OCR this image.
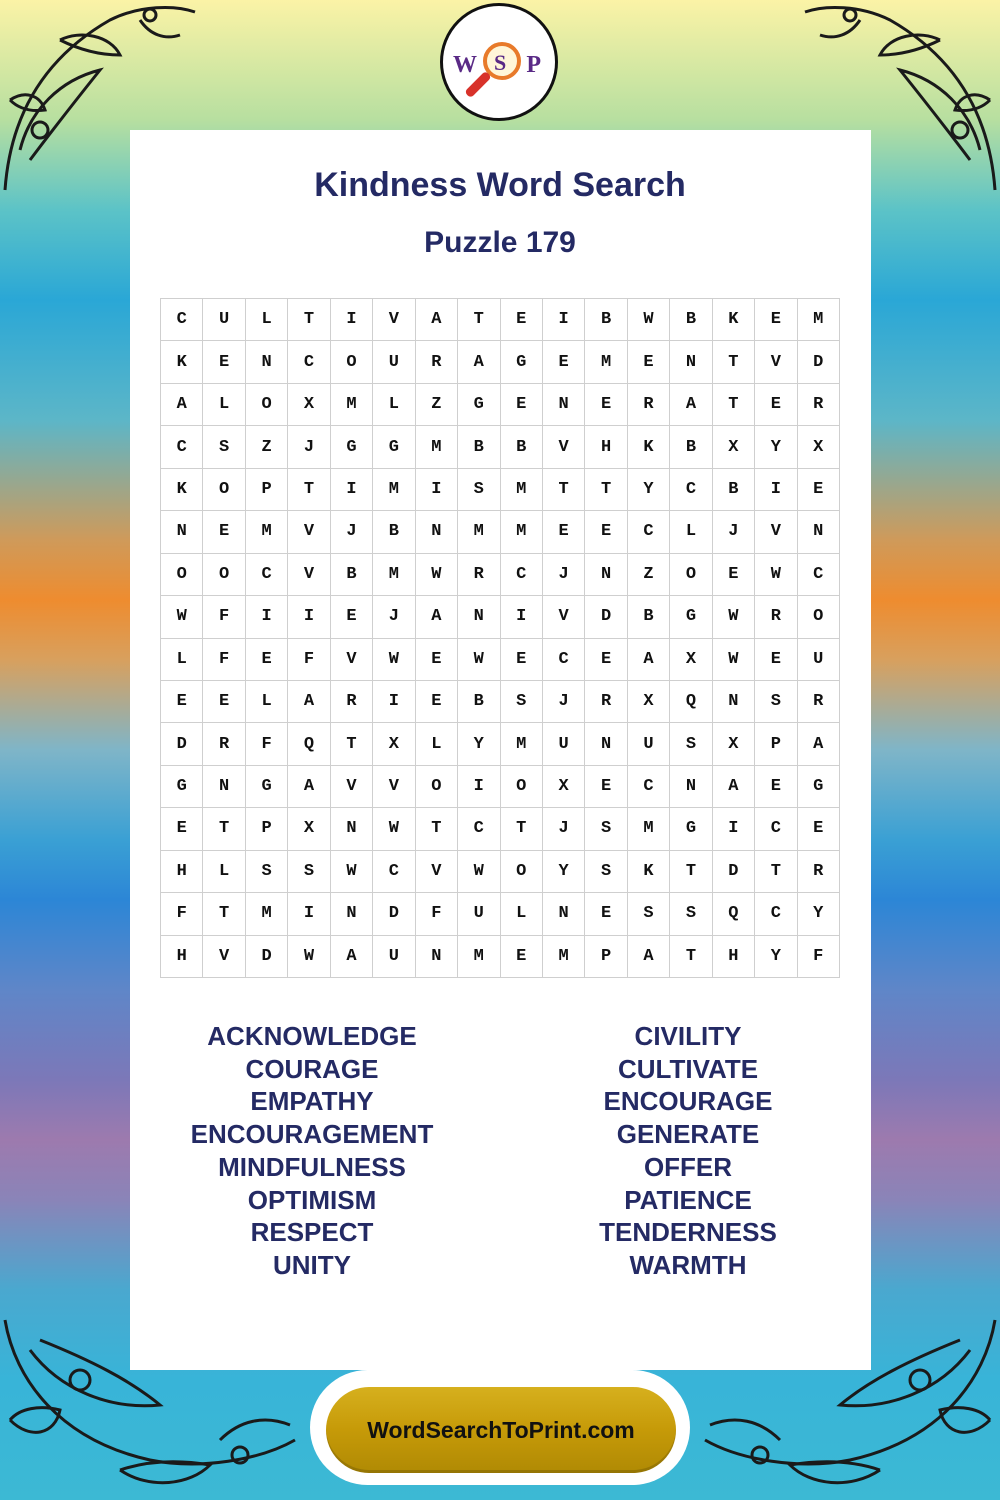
W S P
Kindness Word Search
Puzzle 179
C	U	L	T	I	V	A	T	E	I	B	W	B	K	E	M
K	E	N	C	O	U	R	A	G	E	M	E	N	T	V	D
A	L	O	X	M	L	Z	G	E	N	E	R	A	T	E	R
C	S	Z	J	G	G	M	B	B	V	H	K	B	X	Y	X
K	O	P	T	I	M	I	S	M	T	T	Y	C	B	I	E
N	E	M	V	J	B	N	M	M	E	E	C	L	J	V	N
O	O	C	V	B	M	W	R	C	J	N	Z	O	E	W	C
W	F	I	I	E	J	A	N	I	V	D	B	G	W	R	O
L	F	E	F	V	W	E	W	E	C	E	A	X	W	E	U
E	E	L	A	R	I	E	B	S	J	R	X	Q	N	S	R
D	R	F	Q	T	X	L	Y	M	U	N	U	S	X	P	A
G	N	G	A	V	V	O	I	O	X	E	C	N	A	E	G
E	T	P	X	N	W	T	C	T	J	S	M	G	I	C	E
H	L	S	S	W	C	V	W	O	Y	S	K	T	D	T	R
F	T	M	I	N	D	F	U	L	N	E	S	S	Q	C	Y
H	V	D	W	A	U	N	M	E	M	P	A	T	H	Y	F
ACKNOWLEDGE
COURAGE
EMPATHY
ENCOURAGEMENT
MINDFULNESS
OPTIMISM
RESPECT
UNITY
CIVILITY
CULTIVATE
ENCOURAGE
GENERATE
OFFER
PATIENCE
TENDERNESS
WARMTH
WordSearchToPrint.com
